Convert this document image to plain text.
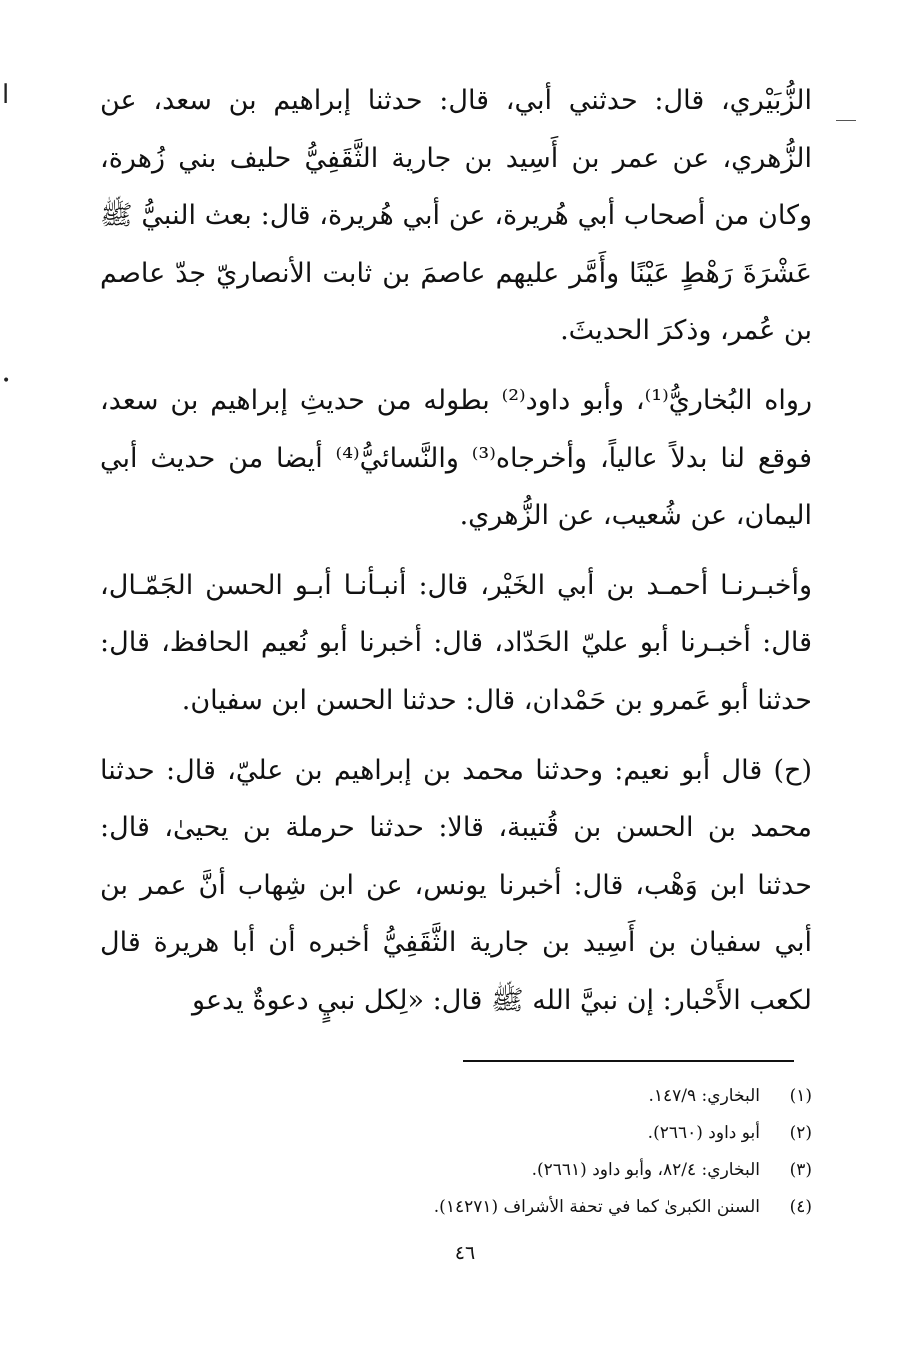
ا
•

الزُّبَيْري، قال: حدثني أبي، قال: حدثنا إبراهيم بن سعد، عن الزُّهري، عن عمر بن أَسِيد بن جارية الثَّقَفِيُّ حليف بني زُهرة، وكان من أصحاب أبي هُريرة، عن أبي هُريرة، قال: بعث النبيُّ ﷺ عَشْرَةَ رَهْطٍ عَيْنًا وأَمَّر عليهم عاصمَ بن ثابت الأنصاريّ جدّ عاصم بن عُمر، وذكرَ الحديثَ.

رواه البُخاريُّ⁽¹⁾، وأبو داود⁽²⁾ بطوله من حديثِ إبراهيم بن سعد، فوقع لنا بدلاً عالياً، وأخرجاه⁽³⁾ والنَّسائيُّ⁽⁴⁾ أيضا من حديث أبي اليمان، عن شُعيب، عن الزُّهري.

وأخبـرنـا أحمـد بن أبي الخَيْر، قال: أنبـأنـا أبـو الحسن الجَمّـال، قال: أخبـرنا أبو عليّ الحَدّاد، قال: أخبرنا أبو نُعيم الحافظ، قال: حدثنا أبو عَمرو بن حَمْدان، قال: حدثنا الحسن ابن سفيان.

(ح) قال أبو نعيم: وحدثنا محمد بن إبراهيم بن عليّ، قال: حدثنا محمد بن الحسن بن قُتيبة، قالا: حدثنا حرملة بن يحيىٰ، قال: حدثنا ابن وَهْب، قال: أخبرنا يونس، عن ابن شِهاب أنَّ عمر بن أبي سفيان بن أَسِيد بن جارية الثَّقَفِيُّ أخبره أن أبا هريرة قال لكعب الأَحْبار: إن نبيَّ الله ﷺ قال: «لِكل نبيٍ دعوةٌ يدعو

(١)
البخاري: ١٤٧/٩.
(٢)
أبو داود (٢٦٦٠).
(٣)
البخاري: ٨٢/٤، وأبو داود (٢٦٦١).
(٤)
السنن الكبرىٰ كما في تحفة الأشراف (١٤٢٧١).
٤٦
